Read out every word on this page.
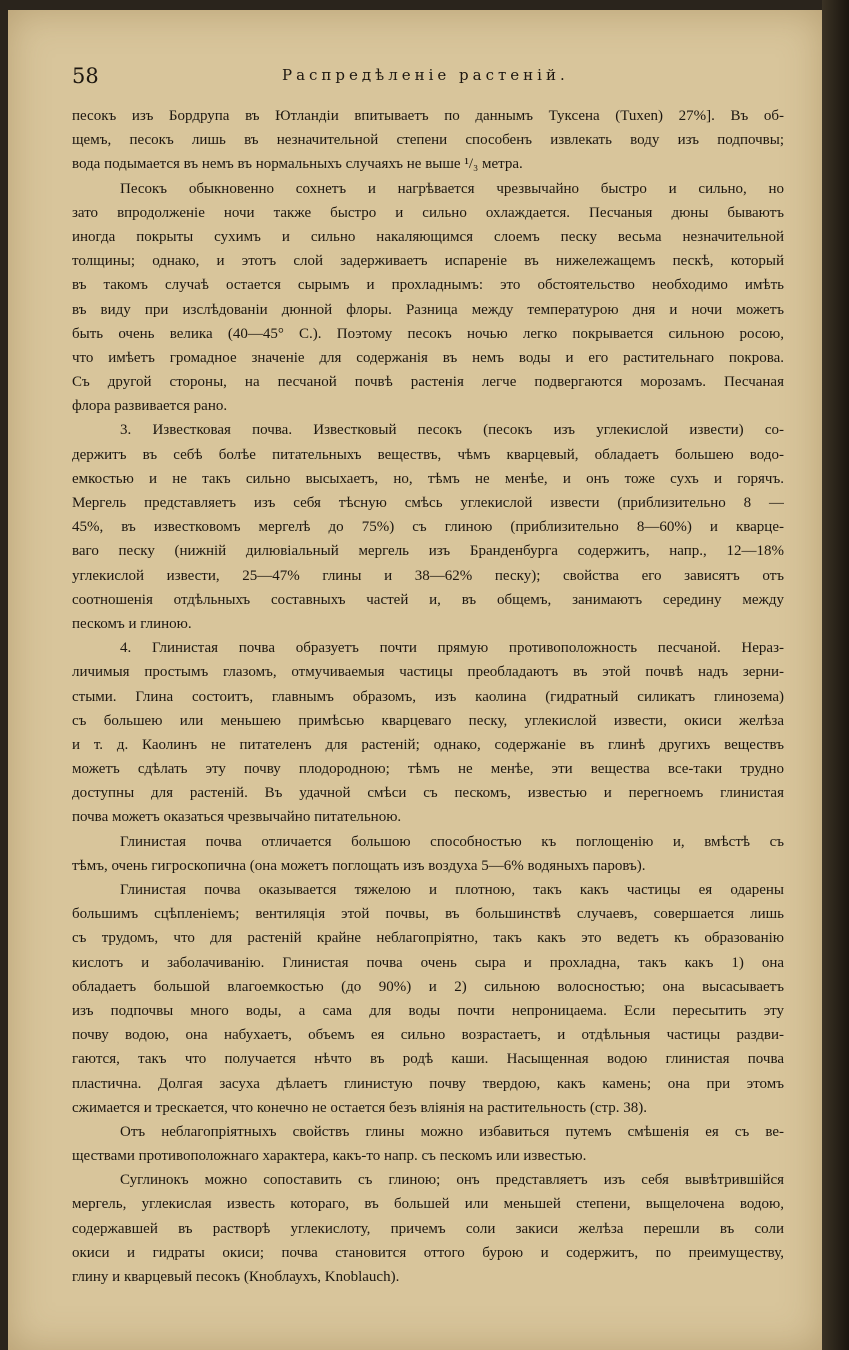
58	Распредѣленіе растеній.
песокъ изъ Бордрупа въ Ютландіи впитываетъ по даннымъ Туксена (Tuxen) 27%]. Въ об-
щемъ, песокъ лишь въ незначительной степени способенъ извлекать воду изъ подпочвы;
вода подымается въ немъ въ нормальныхъ случаяхъ не выше ¹/₃ метра.
Песокъ обыкновенно сохнетъ и нагрѣвается чрезвычайно быстро и сильно, но
зато впродолженіе ночи также быстро и сильно охлаждается. Песчаныя дюны бываютъ
иногда покрыты сухимъ и сильно накаляющимся слоемъ песку весьма незначительной
толщины; однако, и этотъ слой задерживаетъ испареніе въ нижележащемъ пескѣ, который
въ такомъ случаѣ остается сырымъ и прохладнымъ: это обстоятельство необходимо имѣть
въ виду при изслѣдованіи дюнной флоры. Разница между температурою дня и ночи можетъ
быть очень велика (40—45° С.). Поэтому песокъ ночью легко покрывается сильною росою,
что имѣетъ громадное значеніе для содержанія въ немъ воды и его растительнаго покрова.
Съ другой стороны, на песчаной почвѣ растенія легче подвергаются морозамъ. Песчаная
флора развивается рано.
3. Известковая почва. Известковый песокъ (песокъ изъ углекислой извести) со-
держитъ въ себѣ болѣе питательныхъ веществъ, чѣмъ кварцевый, обладаетъ большею водо-
емкостью и не такъ сильно высыхаетъ, но, тѣмъ не менѣе, и онъ тоже сухъ и горячъ.
Мергель представляетъ изъ себя тѣсную смѣсь углекислой извести (приблизительно 8 —
45%, въ известковомъ мергелѣ до 75%) съ глиною (приблизительно 8—60%) и кварце-
ваго песку (нижній дилювіальный мергель изъ Бранденбурга содержитъ, напр., 12—18%
углекислой извести, 25—47% глины и 38—62% песку); свойства его зависятъ отъ
соотношенія отдѣльныхъ составныхъ частей и, въ общемъ, занимаютъ середину между
пескомъ и глиною.
4. Глинистая почва образуетъ почти прямую противоположность песчаной. Нераз-
личимыя простымъ глазомъ, отмучиваемыя частицы преобладаютъ въ этой почвѣ надъ зерни-
стыми. Глина состоитъ, главнымъ образомъ, изъ каолина (гидратный силикатъ глинозема)
съ большею или меньшею примѣсью кварцеваго песку, углекислой извести, окиси желѣза
и т. д. Каолинъ не питателенъ для растеній; однако, содержаніе въ глинѣ другихъ веществъ
можетъ сдѣлать эту почву плодородною; тѣмъ не менѣе, эти вещества все-таки трудно
доступны для растеній. Въ удачной смѣси съ пескомъ, известью и перегноемъ глинистая
почва можетъ оказаться чрезвычайно питательною.
Глинистая почва отличается большою способностью къ поглощенію и, вмѣстѣ съ
тѣмъ, очень гигроскопична (она можетъ поглощать изъ воздуха 5—6% водяныхъ паровъ).
Глинистая почва оказывается тяжелою и плотною, такъ какъ частицы ея одарены
большимъ сцѣпленіемъ; вентиляція этой почвы, въ большинствѣ случаевъ, совершается лишь
съ трудомъ, что для растеній крайне неблагопріятно, такъ какъ это ведетъ къ образованію
кислотъ и заболачиванію. Глинистая почва очень сыра и прохладна, такъ какъ 1) она
обладаетъ большой влагоемкостью (до 90%) и 2) сильною волосностью; она высасываетъ
изъ подпочвы много воды, а сама для воды почти непроницаема. Если пересытить эту
почву водою, она набухаетъ, объемъ ея сильно возрастаетъ, и отдѣльныя частицы раздви-
гаются, такъ что получается нѣчто въ родѣ каши. Насыщенная водою глинистая почва
пластична. Долгая засуха дѣлаетъ глинистую почву твердою, какъ камень; она при этомъ
сжимается и трескается, что конечно не остается безъ вліянія на растительность (стр. 38).
Отъ неблагопріятныхъ свойствъ глины можно избавиться путемъ смѣшенія ея съ ве-
ществами противоположнаго характера, какъ-то напр. съ пескомъ или известью.
Суглинокъ можно сопоставить съ глиною; онъ представляетъ изъ себя вывѣтрившійся
мергель, углекислая известь котораго, въ большей или меньшей степени, выщелочена водою,
содержавшей въ растворѣ углекислоту, причемъ соли закиси желѣза перешли въ соли
окиси и гидраты окиси; почва становится оттого бурою и содержитъ, по преимуществу,
глину и кварцевый песокъ (Кноблаухъ, Knoblauch).
